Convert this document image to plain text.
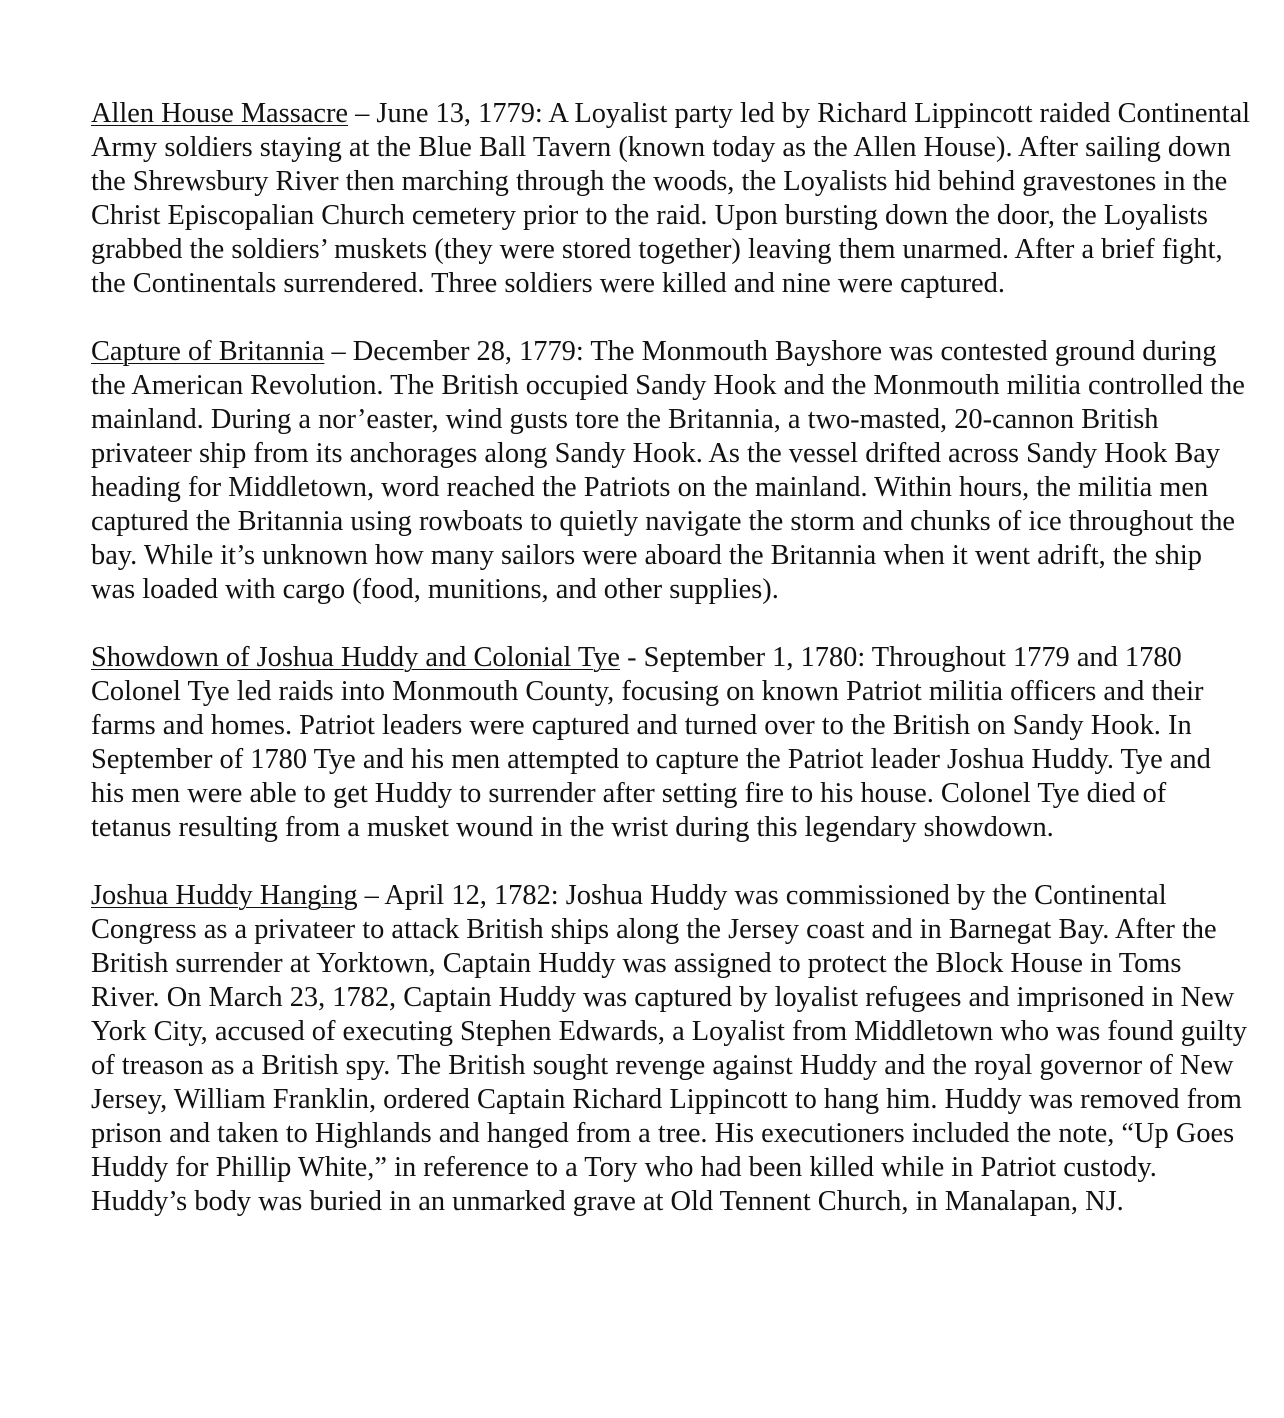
Allen House Massacre – June 13, 1779: A Loyalist party led by Richard Lippincott raided Continental Army soldiers staying at the Blue Ball Tavern (known today as the Allen House). After sailing down the Shrewsbury River then marching through the woods, the Loyalists hid behind gravestones in the Christ Episcopalian Church cemetery prior to the raid. Upon bursting down the door, the Loyalists grabbed the soldiers’ muskets (they were stored together) leaving them unarmed. After a brief fight, the Continentals surrendered. Three soldiers were killed and nine were captured.

Capture of Britannia – December 28, 1779: The Monmouth Bayshore was contested ground during the American Revolution. The British occupied Sandy Hook and the Monmouth militia controlled the mainland. During a nor’easter, wind gusts tore the Britannia, a two-masted, 20-cannon British privateer ship from its anchorages along Sandy Hook. As the vessel drifted across Sandy Hook Bay heading for Middletown, word reached the Patriots on the mainland. Within hours, the militia men captured the Britannia using rowboats to quietly navigate the storm and chunks of ice throughout the bay. While it’s unknown how many sailors were aboard the Britannia when it went adrift, the ship was loaded with cargo (food, munitions, and other supplies).

Showdown of Joshua Huddy and Colonial Tye - September 1, 1780: Throughout 1779 and 1780 Colonel Tye led raids into Monmouth County, focusing on known Patriot militia officers and their farms and homes. Patriot leaders were captured and turned over to the British on Sandy Hook. In September of 1780 Tye and his men attempted to capture the Patriot leader Joshua Huddy. Tye and his men were able to get Huddy to surrender after setting fire to his house. Colonel Tye died of tetanus resulting from a musket wound in the wrist during this legendary showdown.

Joshua Huddy Hanging – April 12, 1782: Joshua Huddy was commissioned by the Continental Congress as a privateer to attack British ships along the Jersey coast and in Barnegat Bay. After the British surrender at Yorktown, Captain Huddy was assigned to protect the Block House in Toms River. On March 23, 1782, Captain Huddy was captured by loyalist refugees and imprisoned in New York City, accused of executing Stephen Edwards, a Loyalist from Middletown who was found guilty of treason as a British spy. The British sought revenge against Huddy and the royal governor of New Jersey, William Franklin, ordered Captain Richard Lippincott to hang him. Huddy was removed from prison and taken to Highlands and hanged from a tree. His executioners included the note, “Up Goes Huddy for Phillip White,” in reference to a Tory who had been killed while in Patriot custody. Huddy’s body was buried in an unmarked grave at Old Tennent Church, in Manalapan, NJ.
